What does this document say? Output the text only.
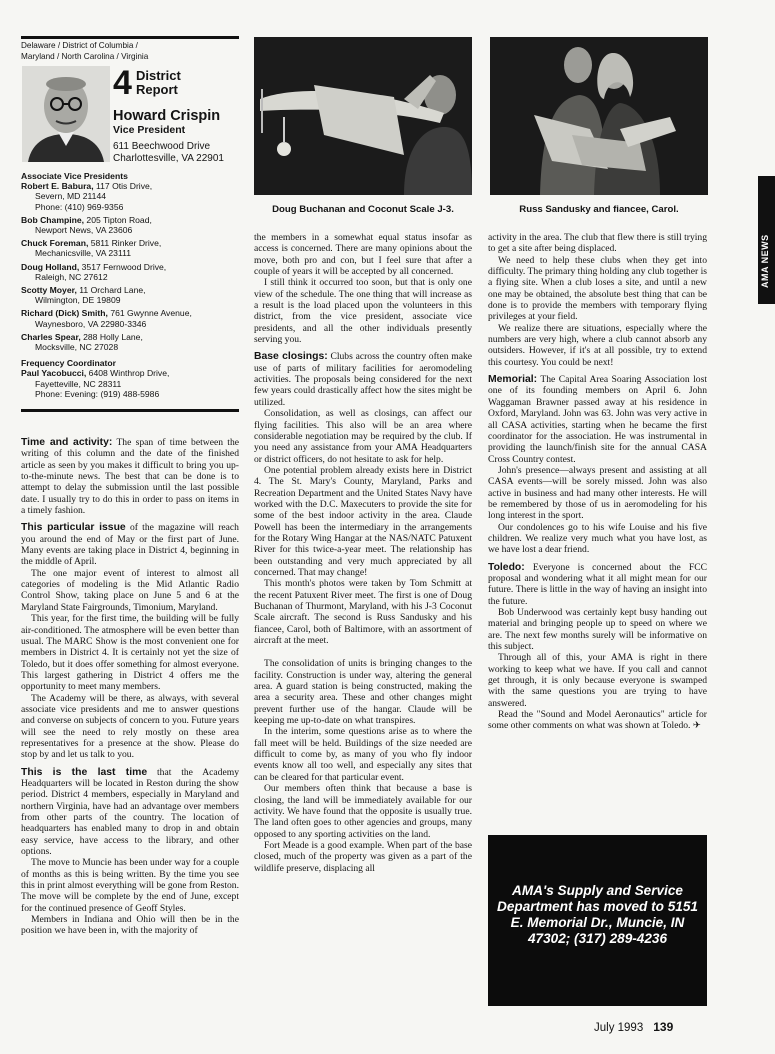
Delaware / District of Columbia /
Maryland / North Carolina / Virginia
4 District
Report
Howard Crispin
Vice President
611 Beechwood Drive
Charlottesville, VA 22901
Associate Vice Presidents
Robert E. Babura, 117 Otis Drive,
Severn, MD 21144
Phone: (410) 969-9356
Bob Champine, 205 Tipton Road,
Newport News, VA 23606
Chuck Foreman, 5811 Rinker Drive,
Mechanicsville, VA 23111
Doug Holland, 3517 Fernwood Drive,
Raleigh, NC 27612
Scotty Moyer, 11 Orchard Lane,
Wilmington, DE 19809
Richard (Dick) Smith, 761 Gwynne Avenue,
Waynesboro, VA 22980-3346
Charles Spear, 288 Holly Lane,
Mocksville, NC 27028
Frequency Coordinator
Paul Yacobucci, 6408 Winthrop Drive,
Fayetteville, NC 28311
Phone: Evening: (919) 488-5986
Doug Buchanan and Coconut Scale J-3.	Russ Sandusky and fiancee, Carol.
AMA NEWS

Time and activity: The span of time between the writing of this column and the date of the finished article as seen by you makes it difficult to bring you up-to-the-minute news. The best that can be done is to attempt to delay the submission until the last possible date. I usually try to do this in order to pass on items in a timely fashion.

This particular issue of the magazine will reach you around the end of May or the first part of June. Many events are taking place in District 4, beginning in the middle of April.

The one major event of interest to almost all categories of modeling is the Mid Atlantic Radio Control Show, taking place on June 5 and 6 at the Maryland State Fairgrounds, Timonium, Maryland.

This year, for the first time, the building will be fully air-conditioned. The atmosphere will be even better than usual. The MARC Show is the most convenient one for members in District 4. It is certainly not yet the size of Toledo, but it does offer something for almost everyone. This largest gathering in District 4 offers me the opportunity to meet many members.

The Academy will be there, as always, with several associate vice presidents and me to answer questions and converse on subjects of concern to you. Future years will see the need to rely mostly on these area representatives for a presence at the show. Please do stop by and let us talk to you.

This is the last time that the Academy Headquarters will be located in Reston during the show period. District 4 members, especially in Maryland and northern Virginia, have had an advantage over members from other parts of the country. The location of headquarters has enabled many to drop in and obtain easy service, have access to the library, and other options.

The move to Muncie has been under way for a couple of months as this is being written. By the time you see this in print almost everything will be gone from Reston. The move will be complete by the end of June, except for the continued presence of Geoff Styles.

Members in Indiana and Ohio will then be in the position we have been in, with the majority of

the members in a somewhat equal status insofar as access is concerned. There are many opinions about the move, both pro and con, but I feel sure that after a couple of years it will be accepted by all concerned.

I still think it occurred too soon, but that is only one view of the schedule. The one thing that will increase as a result is the load placed upon the volunteers in this district, from the vice president, associate vice presidents, and all the other individuals presently serving you.

Base closings: Clubs across the country often make use of parts of military facilities for aeromodeling activities. The proposals being considered for the next few years could drastically affect how the sites might be utilized.

Consolidation, as well as closings, can affect our flying facilities. This also will be an area where considerable negotiation may be required by the club. If you need any assistance from your AMA Headquarters or district officers, do not hesitate to ask for help.

One potential problem already exists here in District 4. The St. Mary's County, Maryland, Parks and Recreation Department and the United States Navy have worked with the D.C. Maxecuters to provide the site for some of the best indoor activity in the area. Claude Powell has been the intermediary in the arrangements for the Rotary Wing Hangar at the NAS/NATC Patuxent River for this twice-a-year meet. The relationship has been outstanding and very much appreciated by all concerned. That may change!

This month's photos were taken by Tom Schmitt at the recent Patuxent River meet. The first is one of Doug Buchanan of Thurmont, Maryland, with his J-3 Coconut Scale aircraft. The second is Russ Sandusky and his fiancee, Carol, both of Baltimore, with an assortment of aircraft at the meet.

The consolidation of units is bringing changes to the facility. Construction is under way, altering the general area. A guard station is being constructed, making the area a security area. These and other changes might prevent further use of the hangar. Claude will be keeping me up-to-date on what transpires.

In the interim, some questions arise as to where the fall meet will be held. Buildings of the size needed are difficult to come by, as many of you who fly indoor events know all too well, and especially any sites that can be cleared for that particular event.

Our members often think that because a base is closing, the land will be immediately available for our activity. We have found that the opposite is usually true. The land often goes to other agencies and groups, many opposed to any sporting activities on the land.

Fort Meade is a good example. When part of the base closed, much of the property was given as a part of the wildlife preserve, displacing all

activity in the area. The club that flew there is still trying to get a site after being displaced.

We need to help these clubs when they get into difficulty. The primary thing holding any club together is a flying site. When a club loses a site, and until a new one may be obtained, the absolute best thing that can be done is to provide the members with temporary flying privileges at your field.

We realize there are situations, especially where the numbers are very high, where a club cannot absorb any outsiders. However, if it's at all possible, try to extend this courtesy. You could be next!

Memorial: The Capital Area Soaring Association lost one of its founding members on April 6. John Waggaman Brawner passed away at his residence in Oxford, Maryland. John was 63. John was very active in all CASA activities, starting when he became the first coordinator for the association. He was instrumental in providing the launch/finish site for the annual CASA Cross Country contest.

John's presence—always present and assisting at all CASA events—will be sorely missed. John was also active in business and had many other interests. He will be remembered by those of us in aeromodeling for his long interest in the sport.

Our condolences go to his wife Louise and his five children. We realize very much what you have lost, as we have lost a dear friend.

Toledo: Everyone is concerned about the FCC proposal and wondering what it all might mean for our future. There is little in the way of having an insight into the future.

Bob Underwood was certainly kept busy handing out material and bringing people up to speed on where we are. The next few months surely will be informative on this subject.

Through all of this, your AMA is right in there working to keep what we have. If you call and cannot get through, it is only because everyone is swamped with the same questions you are trying to have answered.

Read the "Sound and Model Aeronautics" article for some other comments on what was shown at Toledo. ✈

AMA's Supply and Service
Department has moved to 5151
E. Memorial Dr., Muncie, IN
47302; (317) 289-4236
July 1993 139
